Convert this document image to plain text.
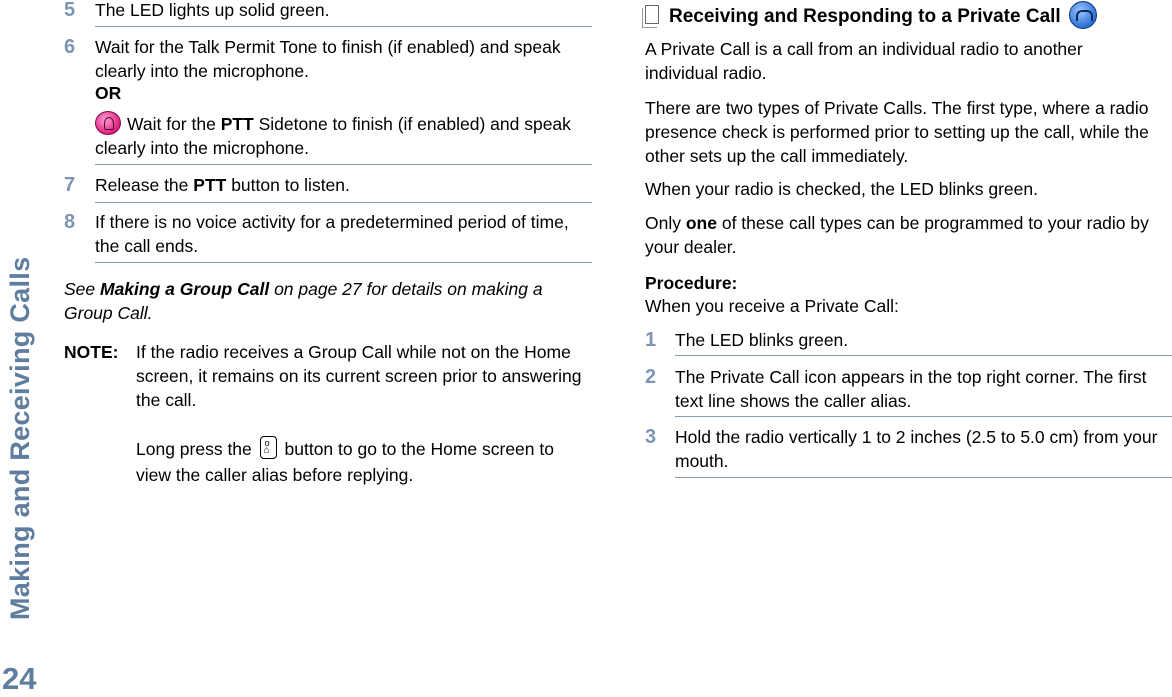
Making and Receiving Calls
24
5 The LED lights up solid green.
6 Wait for the Talk Permit Tone to finish (if enabled) and speak clearly into the microphone.
OR
Wait for the PTT Sidetone to finish (if enabled) and speak clearly into the microphone.
7 Release the PTT button to listen.
8 If there is no voice activity for a predetermined period of time, the call ends.
See Making a Group Call on page 27 for details on making a Group Call.
NOTE: If the radio receives a Group Call while not on the Home screen, it remains on its current screen prior to answering the call.
Long press the ⌂ o button to go to the Home screen to view the caller alias before replying.
Receiving and Responding to a Private Call
A Private Call is a call from an individual radio to another individual radio.
There are two types of Private Calls. The first type, where a radio presence check is performed prior to setting up the call, while the other sets up the call immediately.
When your radio is checked, the LED blinks green.
Only one of these call types can be programmed to your radio by your dealer.
Procedure:
When you receive a Private Call:
1 The LED blinks green.
2 The Private Call icon appears in the top right corner. The first text line shows the caller alias.
3 Hold the radio vertically 1 to 2 inches (2.5 to 5.0 cm) from your mouth.
